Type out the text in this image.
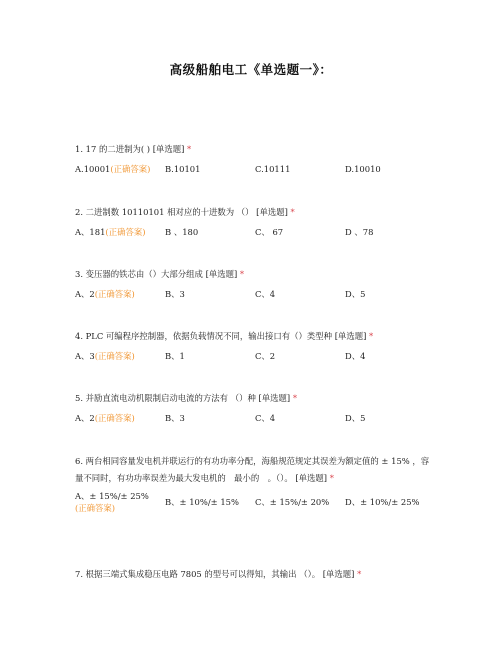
高级船舶电工《单选题一》：
1. 17 的二进制为( ) [单选题] *
A.10001(正确答案)	B.10101	C.10111	D.10010
2. 二进制数 10110101 相对应的十进数为 （） [单选题] *
A、181(正确答案)	B 、180	C、 67	D 、78
3. 变压器的铁芯由（）大部分组成 [单选题] *
A、2(正确答案)	B、3	C、4	D、5
4. PLC 可编程序控制器，依据负载情况不同，输出接口有（）类型种 [单选题] *
A、3(正确答案)	B、1	C、2	D、4
5. 并励直流电动机限制启动电流的方法有 （）种 [单选题] *
A、2(正确答案)	B、3	C、4	D、5
6. 两台相同容量发电机并联运行的有功功率分配，海船规范规定其误差为额定值的 ± 15% ，容量不同时，有功功率误差为最大发电机的　最小的　。（）。 [单选题] *
A、± 15%/± 25%
(正确答案)
B、± 10%/± 15%	C、± 15%/± 20%	D、± 10%/± 25%
7. 根据三端式集成稳压电路 7805 的型号可以得知，其输出 （）。 [单选题] *
